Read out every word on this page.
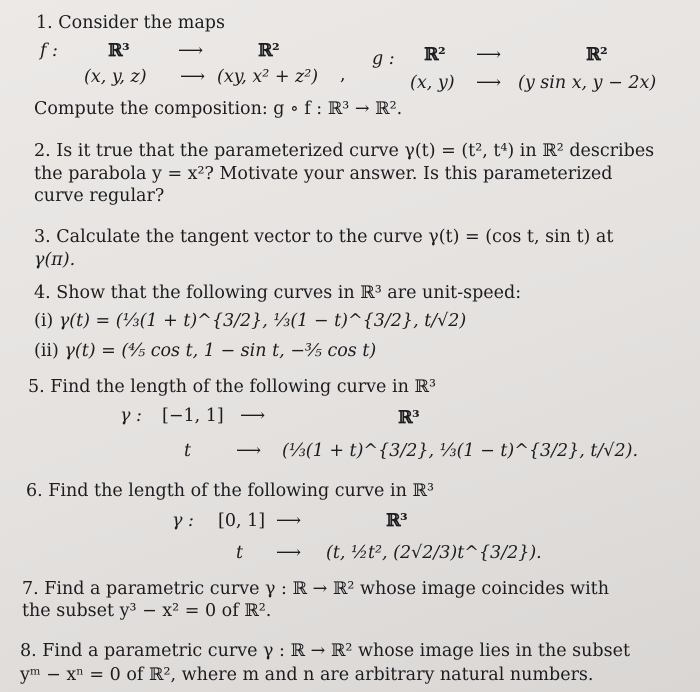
1. Consider the maps
f :	ℝ³	⟶	ℝ²
(x, y, z) ⟶ (xy, x² + z²) ,
g : ℝ² ⟶	ℝ²
(x, y) ⟶ (y sin x, y − 2x)
Compute the composition: g ∘ f : ℝ³ → ℝ².
2. Is it true that the parameterized curve γ(t) = (t², t⁴) in ℝ² describes
the parabola y = x²? Motivate your answer. Is this parameterized
curve regular?
3. Calculate the tangent vector to the curve γ(t) = (cos t, sin t) at
γ(π).
4. Show that the following curves in ℝ³ are unit-speed:
(i) γ(t) = (⅓(1 + t)^{3/2}, ⅓(1 − t)^{3/2}, t/√2)
(ii) γ(t) = (⅘ cos t, 1 − sin t, −⅗ cos t)
5. Find the length of the following curve in ℝ³
γ : [−1, 1] ⟶	ℝ³
t	⟶ (⅓(1 + t)^{3/2}, ⅓(1 − t)^{3/2}, t/√2).
6. Find the length of the following curve in ℝ³
γ : [0, 1] ⟶	ℝ³
t ⟶ (t, ½t², (2√2/3)t^{3/2}).
7. Find a parametric curve γ : ℝ → ℝ² whose image coincides with
the subset y³ − x² = 0 of ℝ².
8. Find a parametric curve γ : ℝ → ℝ² whose image lies in the subset
yᵐ − xⁿ = 0 of ℝ², where m and n are arbitrary natural numbers.
